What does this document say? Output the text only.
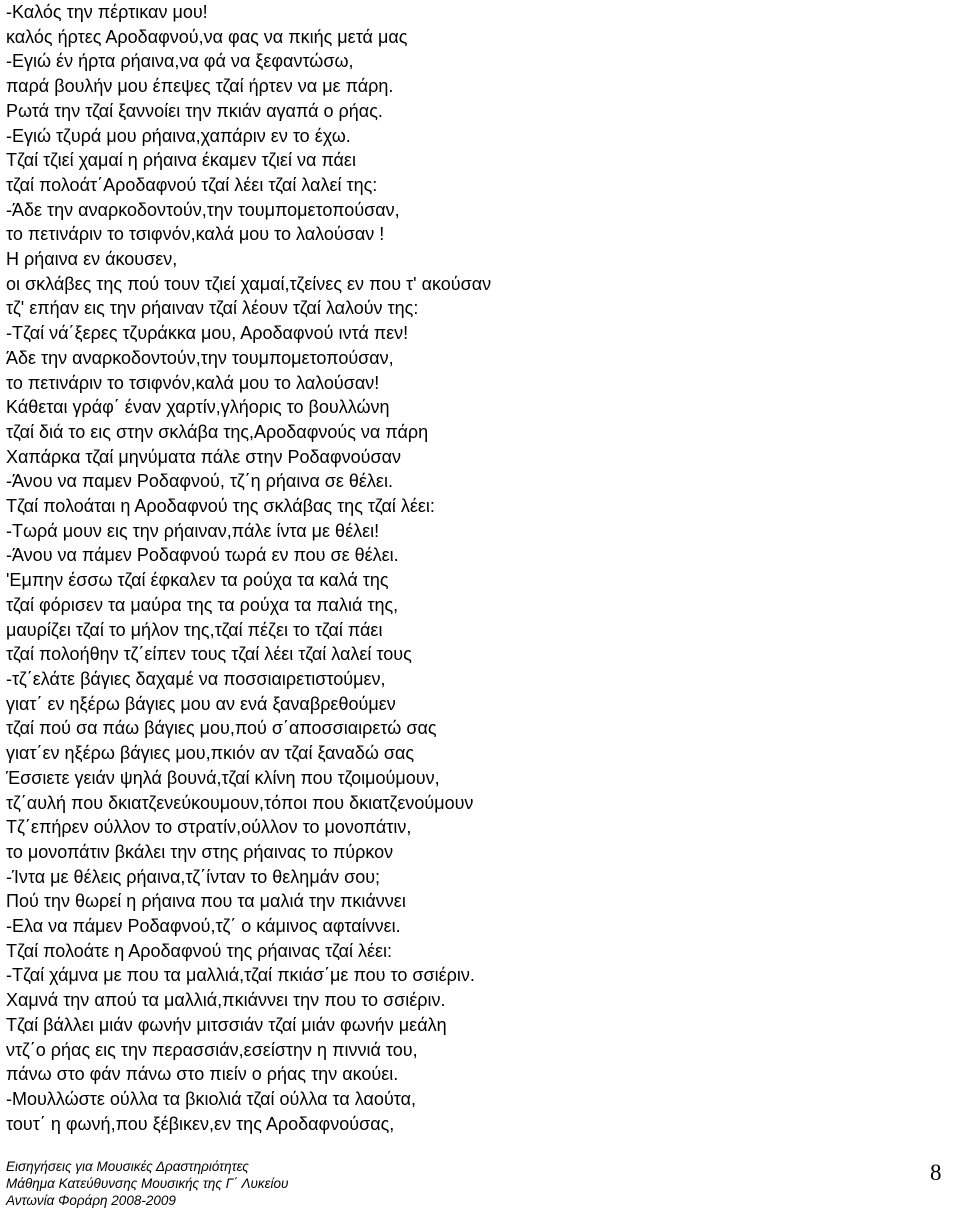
-Καλός την πέρτικαν μου!
καλός ήρτες Αροδαφνού,να φας να πκιής μετά μας
-Εγιώ έν ήρτα ρήαινα,να φά να ξεφαντώσω,
παρά βουλήν μου έπεψες τζαί ήρτεν να με πάρη.
Ρωτά την τζαί ξαννοίει την πκιάν αγαπά ο ρήας.
-Εγιώ τζυρά μου ρήαινα,χαπάριν εν το έχω.
Τζαί τζιεί χαμαί η ρήαινα έκαμεν τζιεί να πάει
τζαί πολοάτ΄Αροδαφνού τζαί λέει τζαί λαλεί της:
-Άδε την αναρκοδοντούν,την τουμπομετοπούσαν,
το πετινάριν το τσιφνόν,καλά μου το λαλούσαν !
Η ρήαινα εν άκουσεν,
οι σκλάβες της πού τουν τζιεί χαμαί,τζείνες εν που τ' ακούσαν
τζ' επήαν εις την ρήαιναν τζαί λέουν τζαί λαλούν της:
-Τζαί νά΄ξερες τζυράκκα μου, Αροδαφνού ιντά πεν!
Άδε την αναρκοδοντούν,την τουμπομετοπούσαν,
το πετινάριν το τσιφνόν,καλά μου το λαλούσαν!
Κάθεται γράφ΄ έναν χαρτίν,γλήορις το βουλλώνη
τζαί διά το εις στην σκλάβα της,Αροδαφνούς να πάρη
Χαπάρκα τζαί μηνύματα πάλε στην Ροδαφνούσαν
-Άνου να παμεν Ροδαφνού, τζ΄η ρήαινα σε θέλει.
Τζαί πολοάται η Αροδαφνού της σκλάβας της τζαί λέει:
-Τωρά μουν εις την ρήαιναν,πάλε ίντα με θέλει!
-Άνου να πάμεν Ροδαφνού τωρά εν που σε θέλει.
'Εμπην έσσω τζαί έφκαλεν τα ρούχα τα καλά της
τζαί φόρισεν τα μαύρα της τα ρούχα τα παλιά της,
μαυρίζει τζαί το μήλον της,τζαί πέζει το τζαί πάει
τζαί πολοήθην τζ΄είπεν τους τζαί λέει τζαί λαλεί τους
-τζ΄ελάτε βάγιες δαχαμέ να ποσσιαιρετιστούμεν,
γιατ΄ εν ηξέρω βάγιες μου αν ενά ξαναβρεθούμεν
τζαί πού σα πάω βάγιες μου,πού σ΄αποσσιαιρετώ σας
γιατ΄εν ηξέρω βάγιες μου,πκιόν αν τζαί ξαναδώ σας
Έσσιετε γειάν ψηλά βουνά,τζαί κλίνη που τζοιμούμουν,
τζ΄αυλή που δκιατζενεύκουμουν,τόποι που δκιατζενούμουν
Τζ΄επήρεν ούλλον το στρατίν,ούλλον το μονοπάτιν,
το μονοπάτιν βκάλει την στης ρήαινας το πύρκον
-Ίντα με θέλεις ρήαινα,τζ΄ίνταν το θελημάν σου;
Πού την θωρεί η ρήαινα που τα μαλιά την πκιάννει
-Ελα να πάμεν Ροδαφνού,τζ΄ ο κάμινος αφταίννει.
Τζαί πολοάτε η Αροδαφνού της ρήαινας τζαί λέει:
-Τζαί χάμνα με που τα μαλλιά,τζαί πκιάσ΄με που το σσιέριν.
Χαμνά την απού τα μαλλιά,πκιάννει την που το σσιέριν.
Τζαί βάλλει μιάν φωνήν μιτσσιάν τζαί μιάν φωνήν μεάλη
ντζ΄ο ρήας εις την περασσιάν,εσείστην η πιννιά του,
πάνω στο φάν πάνω στο πιείν ο ρήας την ακούει.
-Μουλλώστε ούλλα τα βκιολιά τζαί ούλλα τα λαούτα,
τουτ΄ η φωνή,που ξέβικεν,εν της Αροδαφνούσας,
Εισηγήσεις για Μουσικές Δραστηριότητες
Μάθημα Κατεύθυνσης Μουσικής της Γ΄ Λυκείου
Αντωνία Φοράρη 2008-2009
8
